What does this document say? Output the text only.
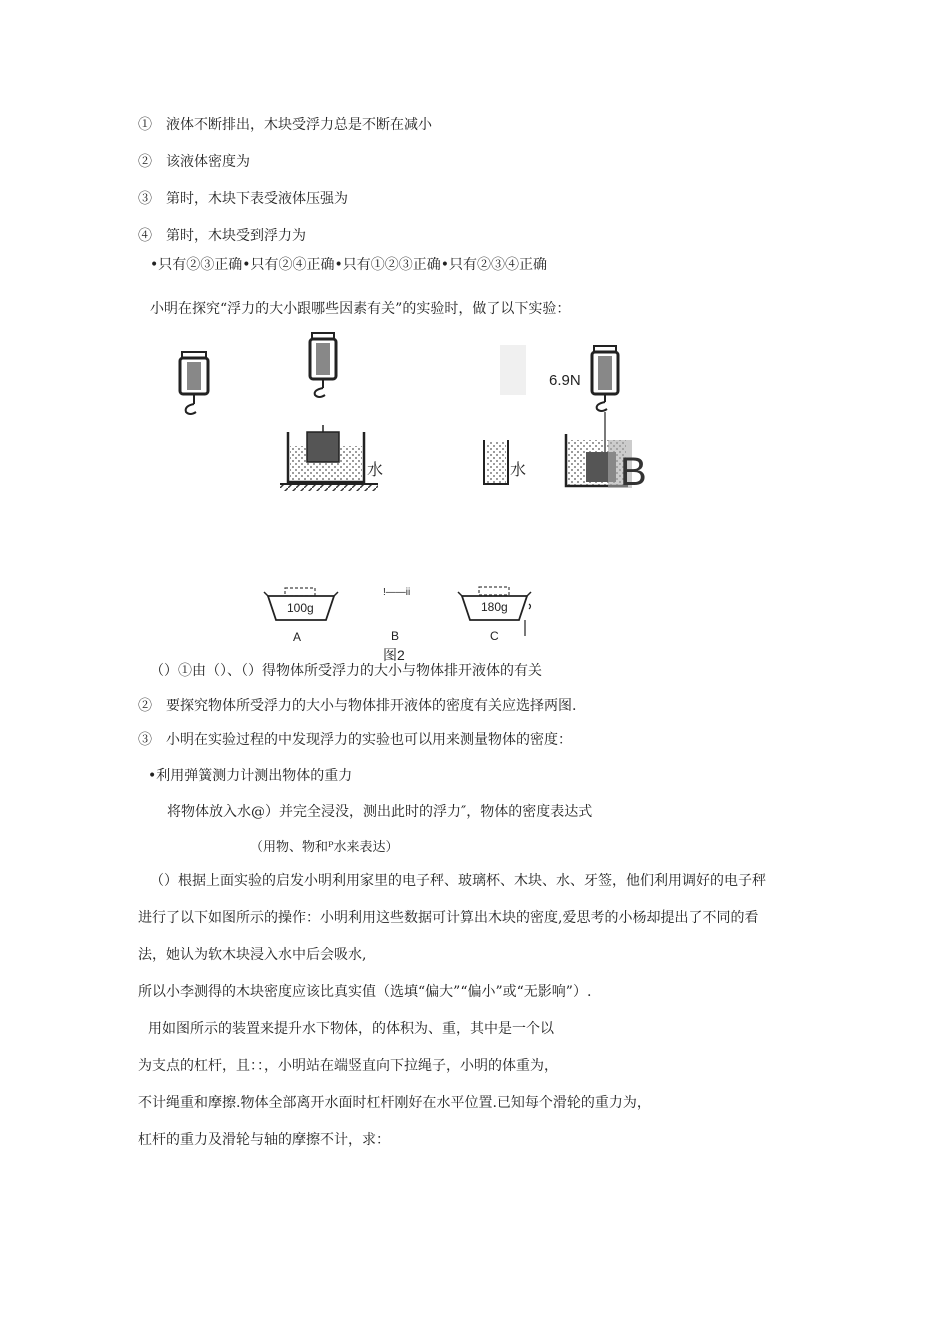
①　液体不断排出，木块受浮力总是不断在减小
②　该液体密度为
③　第时，木块下表受液体压强为
④　第时，木块受到浮力为
•只有②③正确•只有②④正确•只有①②③正确•只有②③④正确
小明在探究“浮力的大小跟哪些因素有关”的实验时，做了以下实验：
水	水
6.9N
B
100g	180g
!——ii
A	B	C
图2
（）①由（）、（）得物体所受浮力的大小与物体排开液体的有关
②　要探究物体所受浮力的大小与物体排开液体的密度有关应选择两图.
③　小明在实验过程的中发现浮力的实验也可以用来测量物体的密度：
•利用弹簧测力计测出物体的重力
将物体放入水@）并完全浸没，测出此时的浮力″，物体的密度表达式
（用物、物和ᴾ水来表达）
（）根据上面实验的启发小明利用家里的电子秤、玻璃杯、木块、水、牙签，他们利用调好的电子秤
进行了以下如图所示的操作：小明利用这些数据可计算出木块的密度,爱思考的小杨却提出了不同的看
法，她认为软木块浸入水中后会吸水,
所以小李测得的木块密度应该比真实值（选填“偏大”“偏小”或“无影响”）.
用如图所示的装置来提升水下物体，的体积为、重，其中是一个以
为支点的杠杆，且：：，小明站在端竖直向下拉绳子，小明的体重为，
不计绳重和摩擦.物体全部离开水面时杠杆刚好在水平位置.已知每个滑轮的重力为，
杠杆的重力及滑轮与轴的摩擦不计，求：
